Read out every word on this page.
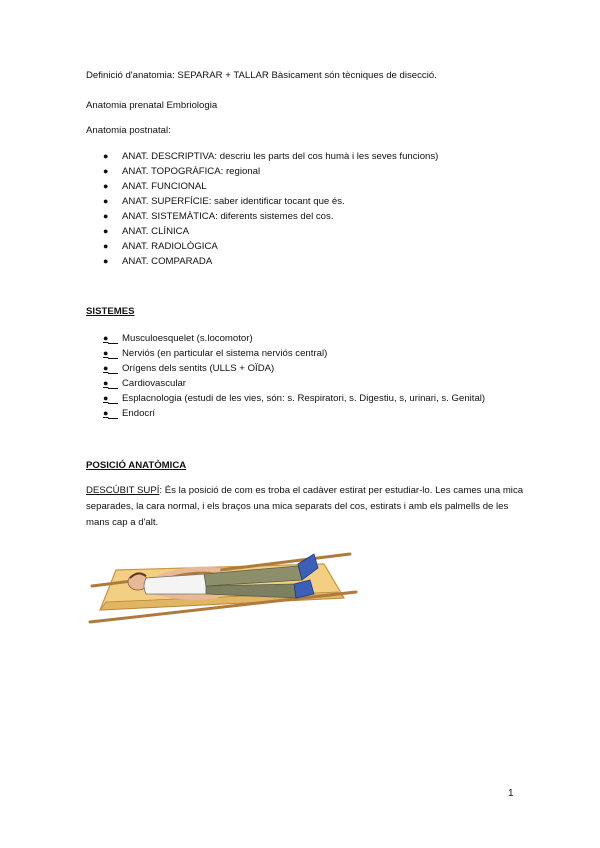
Definició d'anatomia: SEPARAR + TALLAR Bàsicament són tècniques de disecció.
Anatomia prenatal Embriologia
Anatomia postnatal:
● ANAT. DESCRIPTIVA: descriu les parts del cos humà i les seves funcions)
● ANAT. TOPOGRÀFICA: regional
● ANAT. FUNCIONAL
● ANAT. SUPERFÍCIE: saber identificar tocant que és.
● ANAT. SISTEMÀTICA: diferents sistemes del cos.
● ANAT. CLÍNICA
● ANAT. RADIOLÒGICA
● ANAT. COMPARADA
SISTEMES
●	Musculoesquelet (s.locomotor)
●	Nerviós (en particular el sistema nerviós central)
●	Orígens dels sentits (ULLS + OÏDA)
●	Cardiovascular
●	Esplacnologia (estudi de les vies, són: s. Respiratori, s. Digestiu, s, urinari, s. Genital)
●	Endocrí
POSICIÓ ANATÒMICA
DESCÚBIT SUPÍ: És la posició de com es troba el cadàver estirat per estudiar-lo. Les cames una mica separades, la cara normal, i els braços una mica separats del cos, estirats i amb els palmells de les mans cap a d'alt.
1
